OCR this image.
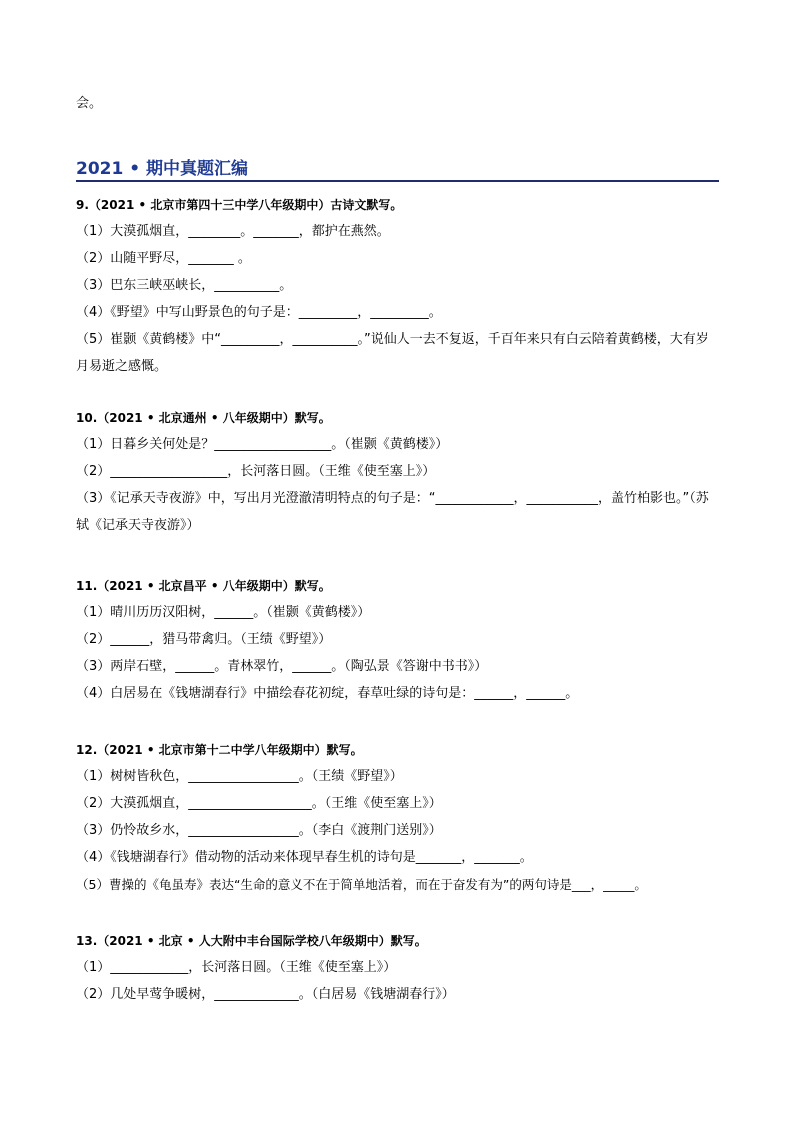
会。
2021 • 期中真题汇编
9.（2021 • 北京市第四十三中学八年级期中）古诗文默写。
（1）大漠孤烟直，________。_______，都护在燕然。
（2）山随平野尽，_______ 。
（3）巴东三峡巫峡长，__________。
（4）《野望》中写山野景色的句子是：_________，_________。
（5）崔颢《黄鹤楼》中“_________，__________。”说仙人一去不复返，千百年来只有白云陪着黄鹤楼，大有岁月易逝之感慨。
10.（2021 • 北京通州 • 八年级期中）默写。
（1）日暮乡关何处是？__________________。（崔颢《黄鹤楼》）
（2）__________________，长河落日圆。（王维《使至塞上》）
（3）《记承天寺夜游》中，写出月光澄澈清明特点的句子是：“____________，___________，盖竹柏影也。”（苏轼《记承天寺夜游》）
11.（2021 • 北京昌平 • 八年级期中）默写。
（1）晴川历历汉阳树，______。（崔颢《黄鹤楼》）
（2）______，猎马带禽归。（王绩《野望》）
（3）两岸石壁，______。青林翠竹，______。（陶弘景《答谢中书书》）
（4）白居易在《钱塘湖春行》中描绘春花初绽，春草吐绿的诗句是：______，______。
12.（2021 • 北京市第十二中学八年级期中）默写。
（1）树树皆秋色，_________________。（王绩《野望》）
（2）大漠孤烟直，___________________。（王维《使至塞上》）
（3）仍怜故乡水，_________________。（李白《渡荆门送别》）
（4）《钱塘湖春行》借动物的活动来体现早春生机的诗句是_______，_______。
（5）曹操的《龟虽寿》表达“生命的意义不在于简单地活着，而在于奋发有为”的两句诗是___，_____。
13.（2021 • 北京 • 人大附中丰台国际学校八年级期中）默写。
（1）____________，长河落日圆。（王维《使至塞上》）
（2）几处早莺争暖树，_____________。（白居易《钱塘湖春行》）
